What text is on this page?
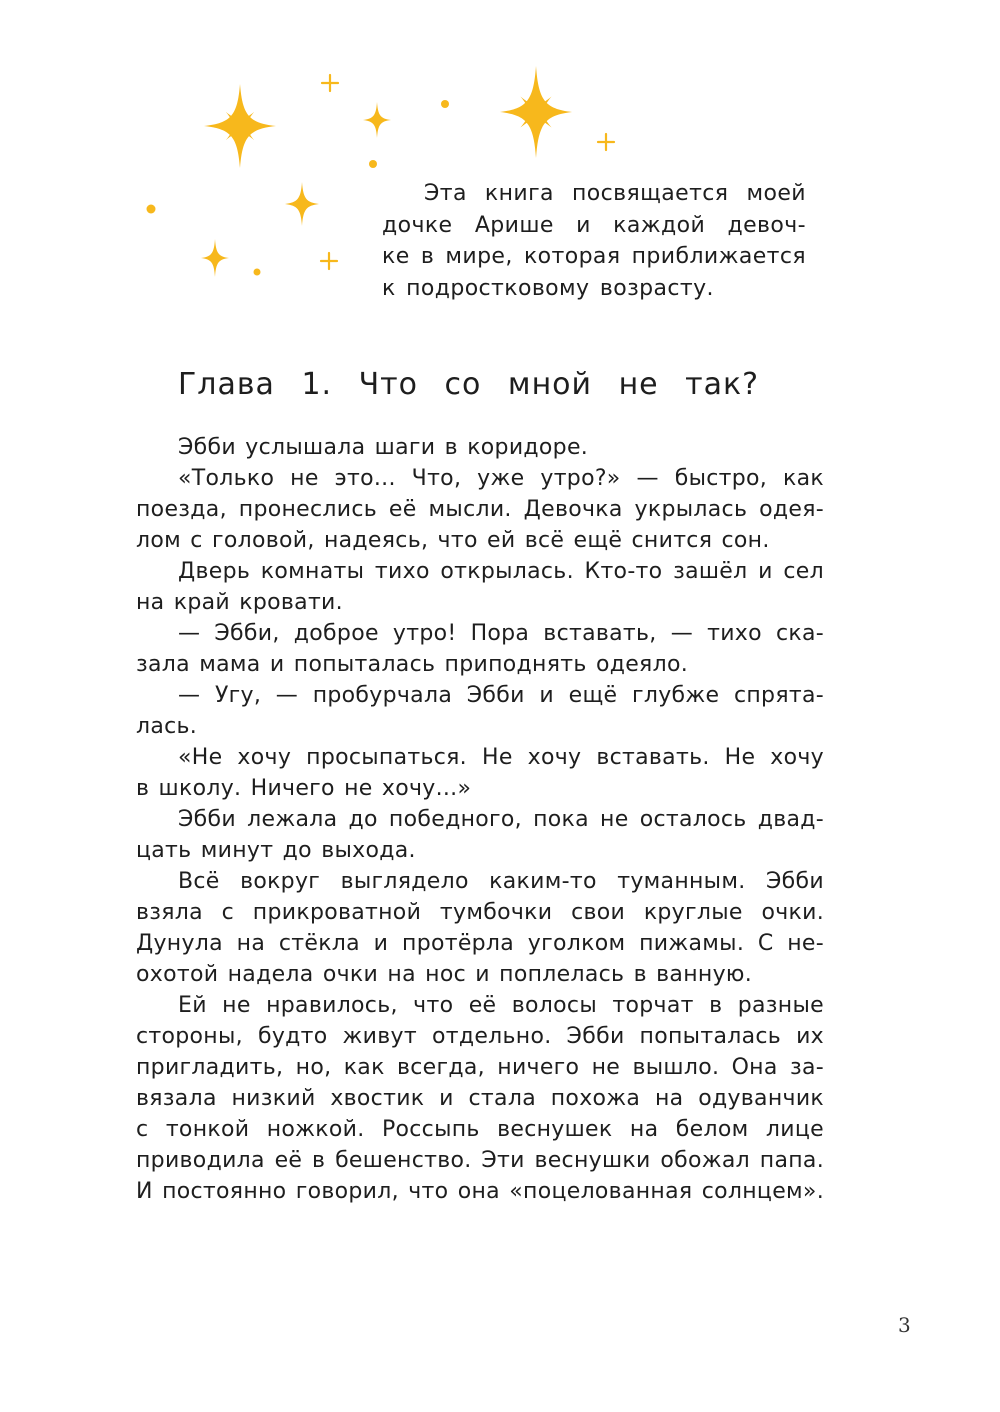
Эта книга посвящается моей
дочке Арише и каждой девоч-
ке в мире, которая приближается
к подростковому возрасту.
Глава 1. Что со мной не так?
Эбби услышала шаги в коридоре.
«Только не это... Что, уже утро?» — быстро, как
поезда, пронеслись её мысли. Девочка укрылась одея-
лом с головой, надеясь, что ей всё ещё снится сон.
Дверь комнаты тихо открылась. Кто-то зашёл и сел
на край кровати.
— Эбби, доброе утро! Пора вставать, — тихо ска-
зала мама и попыталась приподнять одеяло.
— Угу, — пробурчала Эбби и ещё глубже спрята-
лась.
«Не хочу просыпаться. Не хочу вставать. Не хочу
в школу. Ничего не хочу...»
Эбби лежала до победного, пока не осталось двад-
цать минут до выхода.
Всё вокруг выглядело каким-то туманным. Эбби
взяла с прикроватной тумбочки свои круглые очки.
Дунула на стёкла и протёрла уголком пижамы. С не-
охотой надела очки на нос и поплелась в ванную.
Ей не нравилось, что её волосы торчат в разные
стороны, будто живут отдельно. Эбби попыталась их
пригладить, но, как всегда, ничего не вышло. Она за-
вязала низкий хвостик и стала похожа на одуванчик
с тонкой ножкой. Россыпь веснушек на белом лице
приводила её в бешенство. Эти веснушки обожал папа.
И постоянно говорил, что она «поцелованная солнцем».
3
